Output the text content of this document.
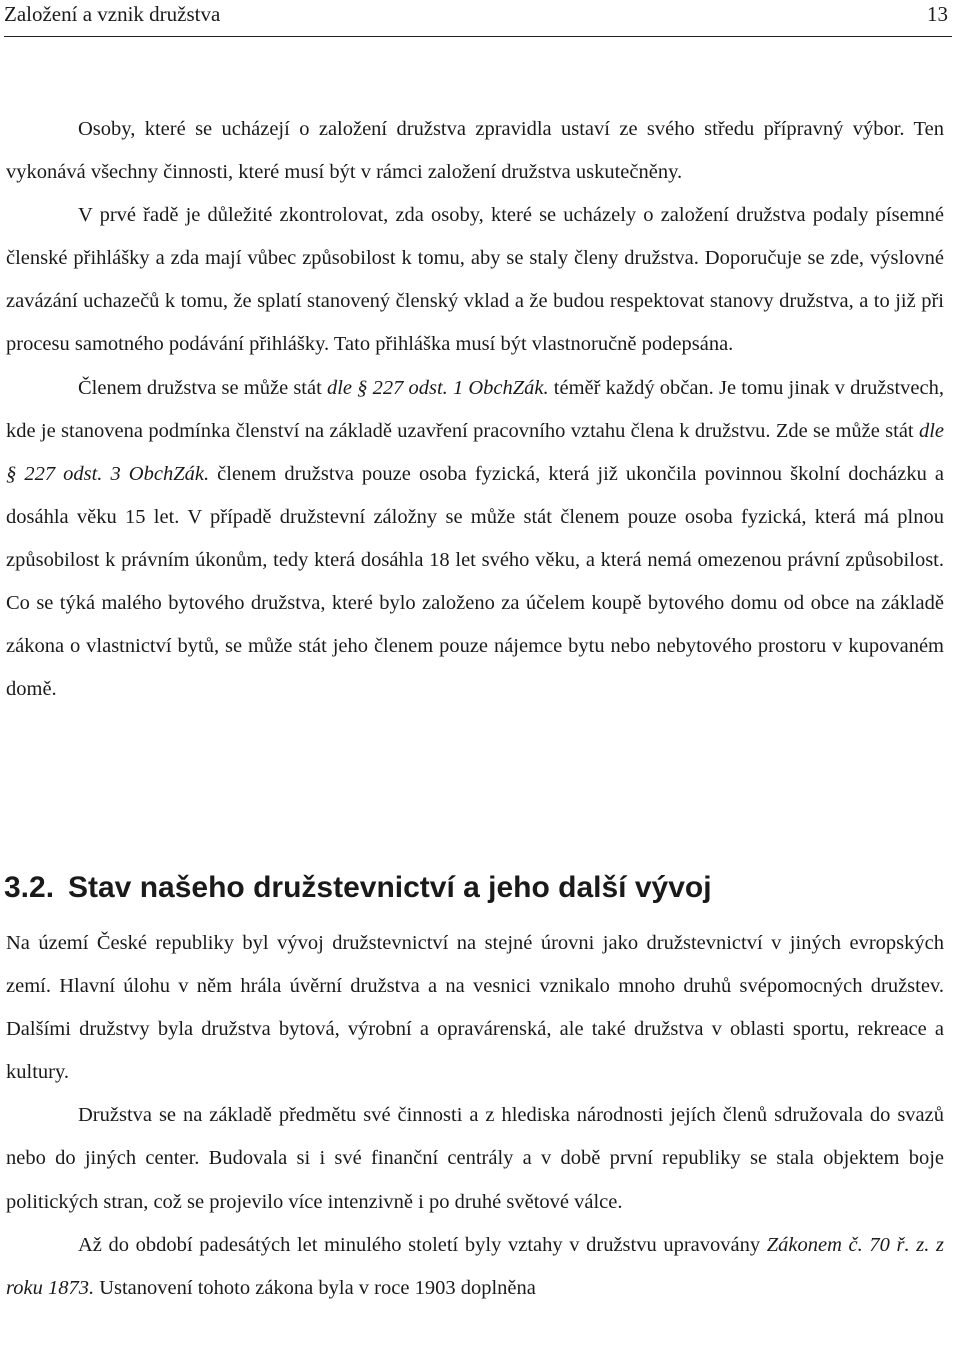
Založení a vznik družstva	13

Osoby, které se ucházejí o založení družstva zpravidla ustaví ze svého středu přípravný výbor. Ten vykonává všechny činnosti, které musí být v rámci založení družstva uskutečněny.

V prvé řadě je důležité zkontrolovat, zda osoby, které se ucházely o založení družstva podaly písemné členské přihlášky a zda mají vůbec způsobilost k tomu, aby se staly členy družstva. Doporučuje se zde, výslovné zavázání uchazečů k tomu, že splatí stanovený členský vklad a že budou respektovat stanovy družstva, a to již při procesu samotného podávání přihlášky. Tato přihláška musí být vlastnoručně podepsána.

Členem družstva se může stát dle § 227 odst. 1 ObchZák. téměř každý občan. Je tomu jinak v družstvech, kde je stanovena podmínka členství na základě uzavření pracovního vztahu člena k družstvu. Zde se může stát dle § 227 odst. 3 ObchZák. členem družstva pouze osoba fyzická, která již ukončila povinnou školní docházku a dosáhla věku 15 let. V případě družstevní záložny se může stát členem pouze osoba fyzická, která má plnou způsobilost k právním úkonům, tedy která dosáhla 18 let svého věku, a která nemá omezenou právní způsobilost. Co se týká malého bytového družstva, které bylo založeno za účelem koupě bytového domu od obce na základě zákona o vlastnictví bytů, se může stát jeho členem pouze nájemce bytu nebo nebytového prostoru v kupovaném domě.

3.2. Stav našeho družstevnictví a jeho další vývoj

Na území České republiky byl vývoj družstevnictví na stejné úrovni jako družstevnictví v jiných evropských zemí. Hlavní úlohu v něm hrála úvěrní družstva a na vesnici vznikalo mnoho druhů svépomocných družstev. Dalšími družstvy byla družstva bytová, výrobní a opravárenská, ale také družstva v oblasti sportu, rekreace a kultury.

Družstva se na základě předmětu své činnosti a z hlediska národnosti jejích členů sdružovala do svazů nebo do jiných center. Budovala si i své finanční centrály a v době první republiky se stala objektem boje politických stran, což se projevilo více intenzivně i po druhé světové válce.

Až do období padesátých let minulého století byly vztahy v družstvu upravovány Zákonem č. 70 ř. z. z roku 1873. Ustanovení tohoto zákona byla v roce 1903 doplněna
